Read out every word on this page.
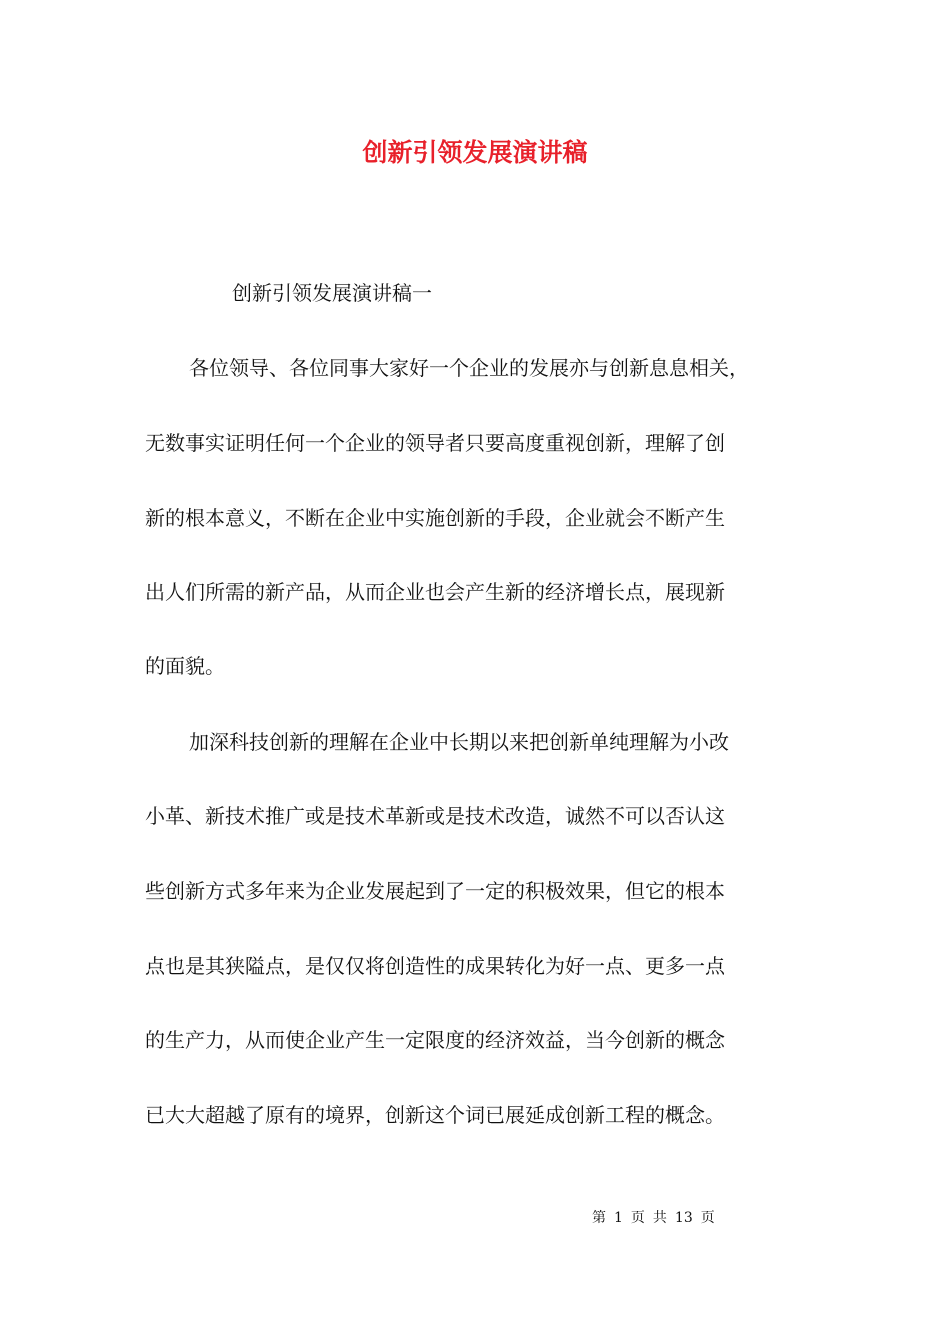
创新引领发展演讲稿
创新引领发展演讲稿一
各位领导、各位同事大家好一个企业的发展亦与创新息息相关，
无数事实证明任何一个企业的领导者只要高度重视创新，理解了创
新的根本意义，不断在企业中实施创新的手段，企业就会不断产生
出人们所需的新产品，从而企业也会产生新的经济增长点，展现新
的面貌。
加深科技创新的理解在企业中长期以来把创新单纯理解为小改
小革、新技术推广或是技术革新或是技术改造，诚然不可以否认这
些创新方式多年来为企业发展起到了一定的积极效果，但它的根本
点也是其狭隘点，是仅仅将创造性的成果转化为好一点、更多一点
的生产力，从而使企业产生一定限度的经济效益，当今创新的概念
已大大超越了原有的境界，创新这个词已展延成创新工程的概念。
第 1 页 共 13 页
